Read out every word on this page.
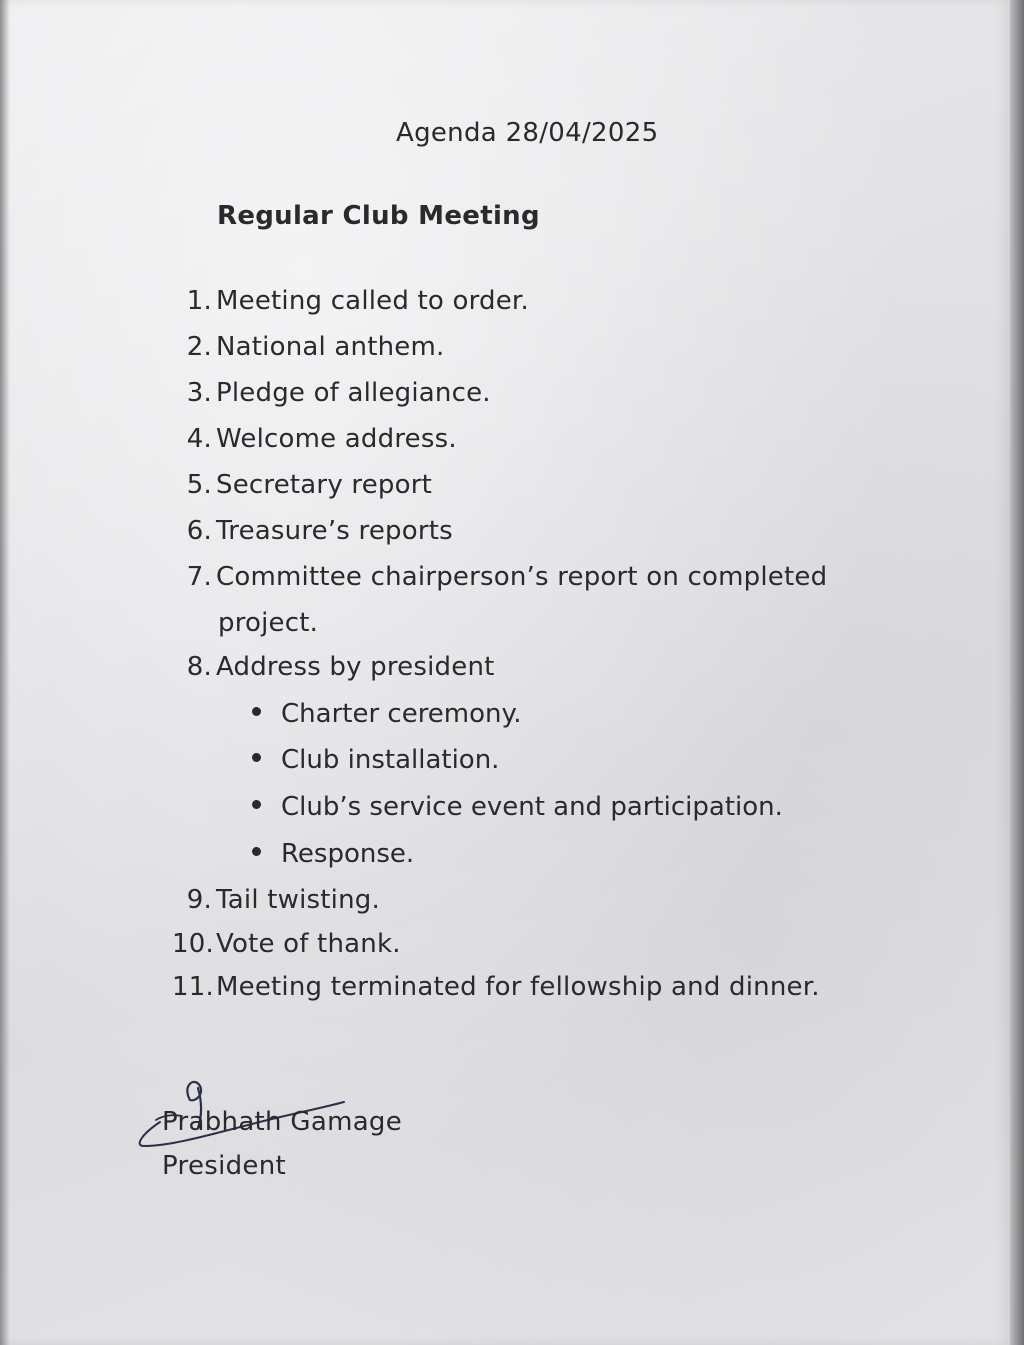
Agenda 28/04/2025
Regular Club Meeting
1. Meeting called to order.
2. National anthem.
3. Pledge of allegiance.
4. Welcome address.
5. Secretary report
6. Treasure’s reports
7. Committee chairperson’s report on completed
project.
8. Address by president
Charter ceremony.
Club installation.
Club’s service event and participation.
Response.
9. Tail twisting.
10.Vote of thank.
11.Meeting terminated for fellowship and dinner.
Prabhath Gamage
President
